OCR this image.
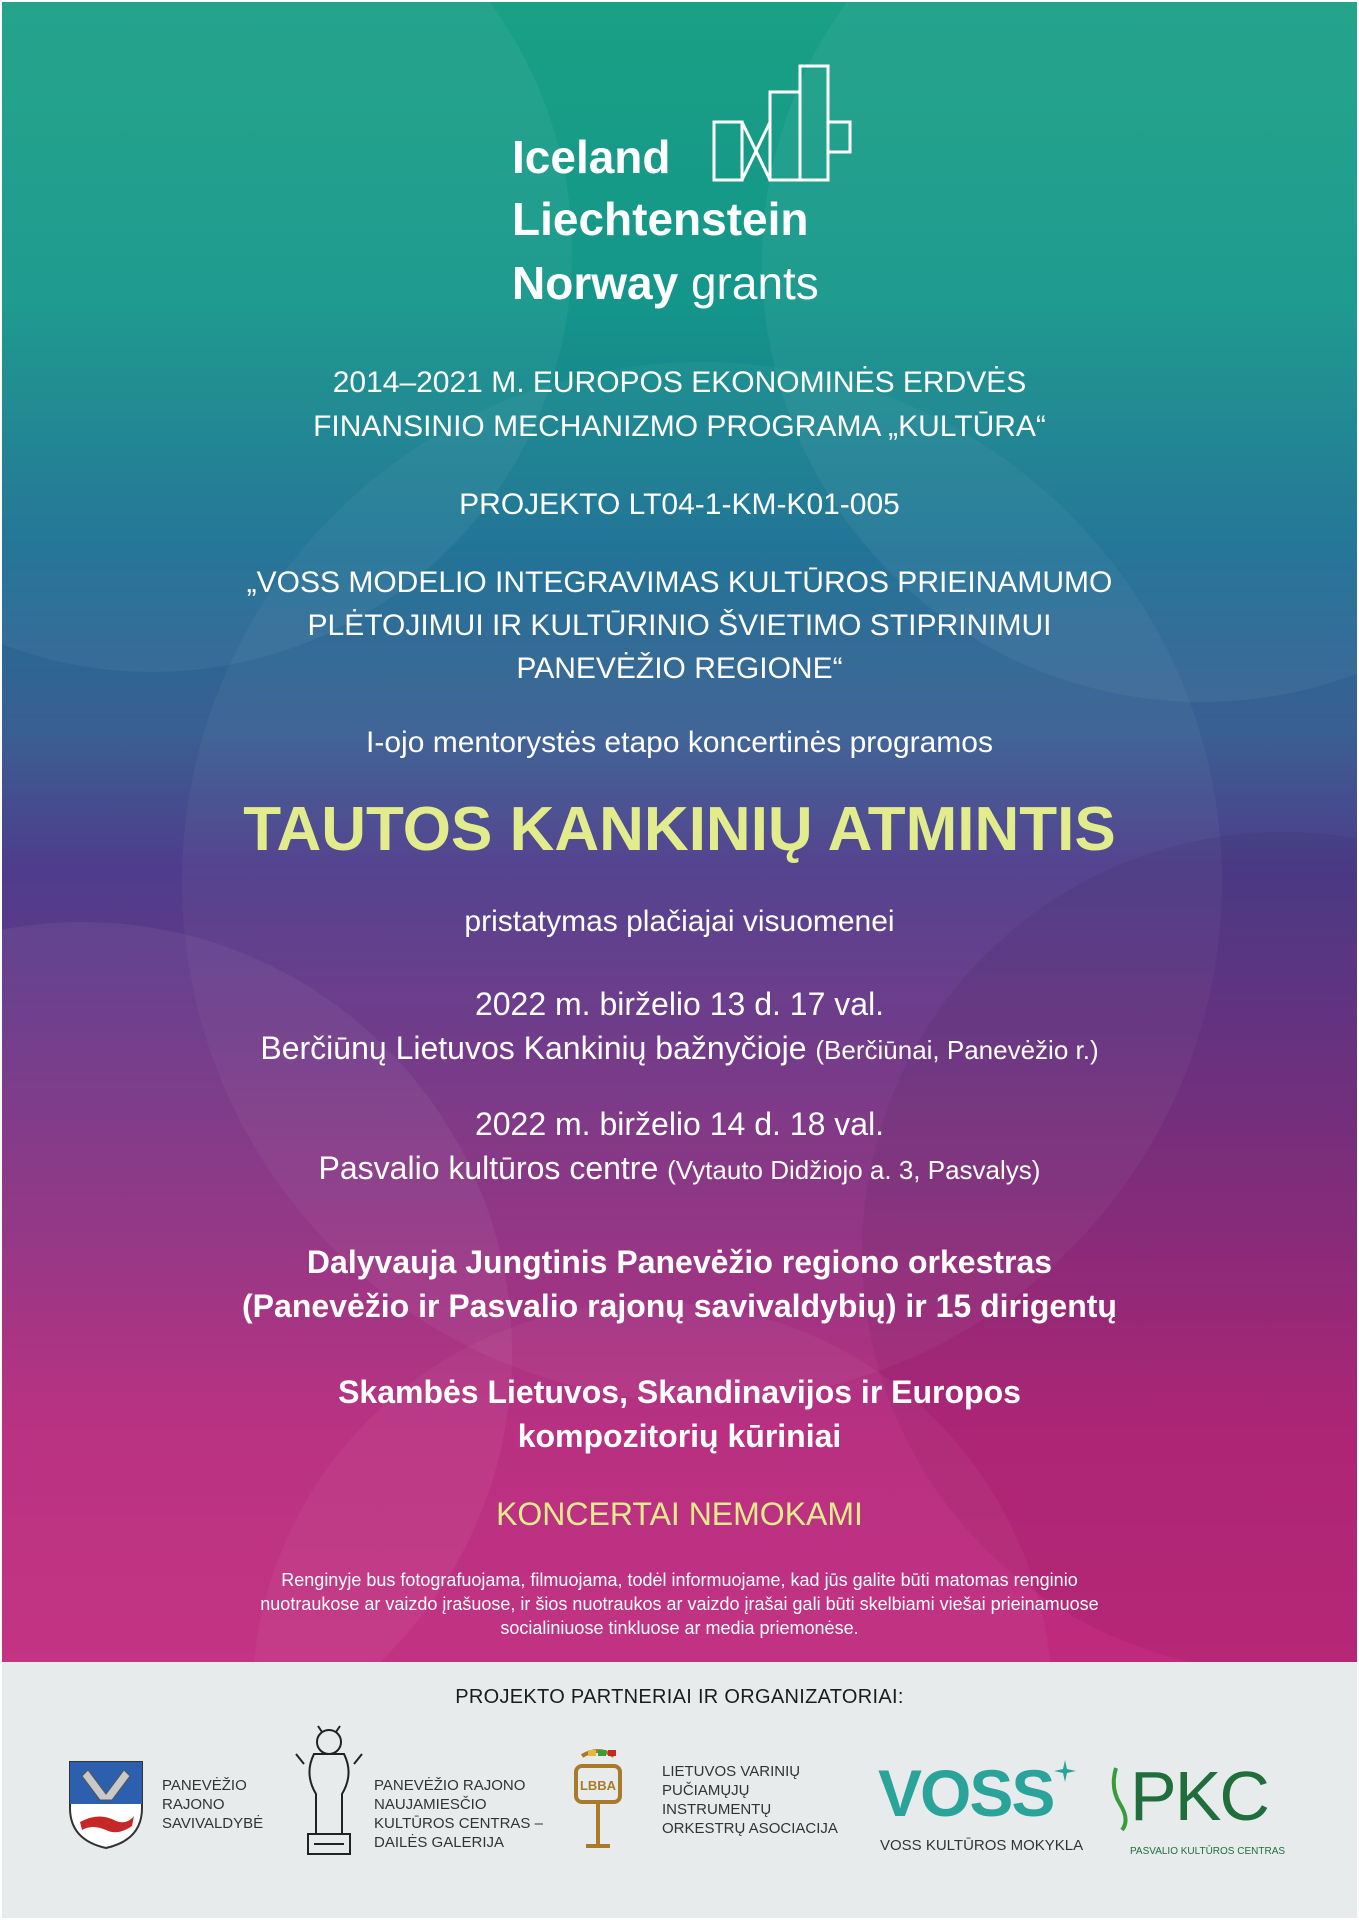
Iceland
Liechtenstein
Norway grants
2014–2021 M. EUROPOS EKONOMINĖS ERDVĖS
FINANSINIO MECHANIZMO PROGRAMA „KULTŪRA“
PROJEKTO LT04-1-KM-K01-005
„VOSS MODELIO INTEGRAVIMAS KULTŪROS PRIEINAMUMO
PLĖTOJIMUI IR KULTŪRINIO ŠVIETIMO STIPRINIMUI
PANEVĖŽIO REGIONE“
I-ojo mentorystės etapo koncertinės programos
TAUTOS KANKINIŲ ATMINTIS
pristatymas plačiajai visuomenei
2022 m. birželio 13 d. 17 val.
Berčiūnų Lietuvos Kankinių bažnyčioje (Berčiūnai, Panevėžio r.)
2022 m. birželio 14 d. 18 val.
Pasvalio kultūros centre (Vytauto Didžiojo a. 3, Pasvalys)
Dalyvauja Jungtinis Panevėžio regiono orkestras
(Panevėžio ir Pasvalio rajonų savivaldybių) ir 15 dirigentų
Skambės Lietuvos, Skandinavijos ir Europos
kompozitorių kūriniai
KONCERTAI NEMOKAMI
Renginyje bus fotografuojama, filmuojama, todėl informuojame, kad jūs galite būti matomas renginio
nuotraukose ar vaizdo įrašuose, ir šios nuotraukos ar vaizdo įrašai gali būti skelbiami viešai prieinamuose
socialiniuose tinkluose ar media priemonėse.
PROJEKTO PARTNERIAI IR ORGANIZATORIAI:
PANEVĖŽIO
RAJONO
SAVIVALDYBĖ
PANEVĖŽIO RAJONO
NAUJAMIESČIO
KULTŪROS CENTRAS –
DAILĖS GALERIJA
LBBA
LIETUVOS VARINIŲ
PUČIAMŲJŲ
INSTRUMENTŲ
ORKESTRŲ ASOCIACIJA VOSS
VOSS KULTŪROS MOKYKLA
PKC
PASVALIO KULTŪROS CENTRAS
